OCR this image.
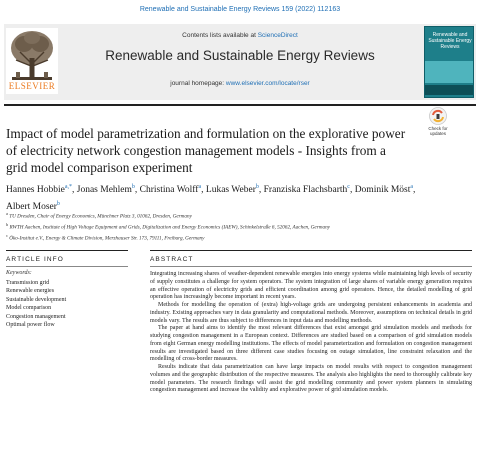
Renewable and Sustainable Energy Reviews 159 (2022) 112163
ELSEVIER
Contents lists available at ScienceDirect
Renewable and Sustainable Energy Reviews
journal homepage: www.elsevier.com/locate/rser
Renewable and Sustainable Energy Reviews
Impact of model parametrization and formulation on the explorative power of electricity network congestion management models - Insights from a grid model comparison experiment
Check for updates
Hannes Hobbie$^{a,*}$, Jonas Mehlem$^b$, Christina Wolff$^a$, Lukas Weber$^b$, Franziska Flachsbarth$^c$, Dominik Möst$^a$, Albert Moser$^b$
$^a$ TU Dresden, Chair of Energy Economics, Münchner Platz 3, 01062, Dresden, Germany
$^b$ RWTH Aachen, Institute of High Voltage Equipment and Grids, Digitalization and Energy Economics (IAEW), Schinkelstraße 6, 52062, Aachen, Germany
$^c$ Öko-Institut e.V., Energy & Climate Division, Merzhauser Str. 173, 79111, Freiburg, Germany
ARTICLE INFO	ABSTRACT
Keywords:
Transmission grid
Renewable energies
Sustainable development
Model comparison
Congestion management
Optimal power flow

Integrating increasing shares of weather-dependent renewable energies into energy systems while maintaining high levels of security of supply constitutes a challenge for system operators. The system integration of large shares of variable energy generation requires an effective operation of electricity grids and efficient coordination among grid operators. Hence, the detailed modelling of grid operation has increasingly become important in recent years.

Methods for modelling the operation of (extra) high-voltage grids are undergoing persistent enhancements in academia and industry. Existing approaches vary in data granularity and computational methods. Moreover, assumptions on technical details in grid models vary. The results are thus subject to differences in input data and modelling methods.

The paper at hand aims to identify the most relevant differences that exist amongst grid simulation models and methods for studying congestion management in a European context. Differences are studied based on a comparison of grid simulation models from eight German energy modelling institutions. The effects of model parameterization and formulation on congestion management results are investigated based on three different case studies focusing on outage simulation, line constraint relaxation and the modelling of cross-border measures.

Results indicate that data parametrization can have large impacts on model results with respect to congestion management volumes and the geographic distribution of the respective measures. The analysis also highlights the need to thoroughly calibrate key model parameters. The research findings will assist the grid modelling community and power system planners in simulating congestion management and increase the validity and explorative power of grid simulation models.
